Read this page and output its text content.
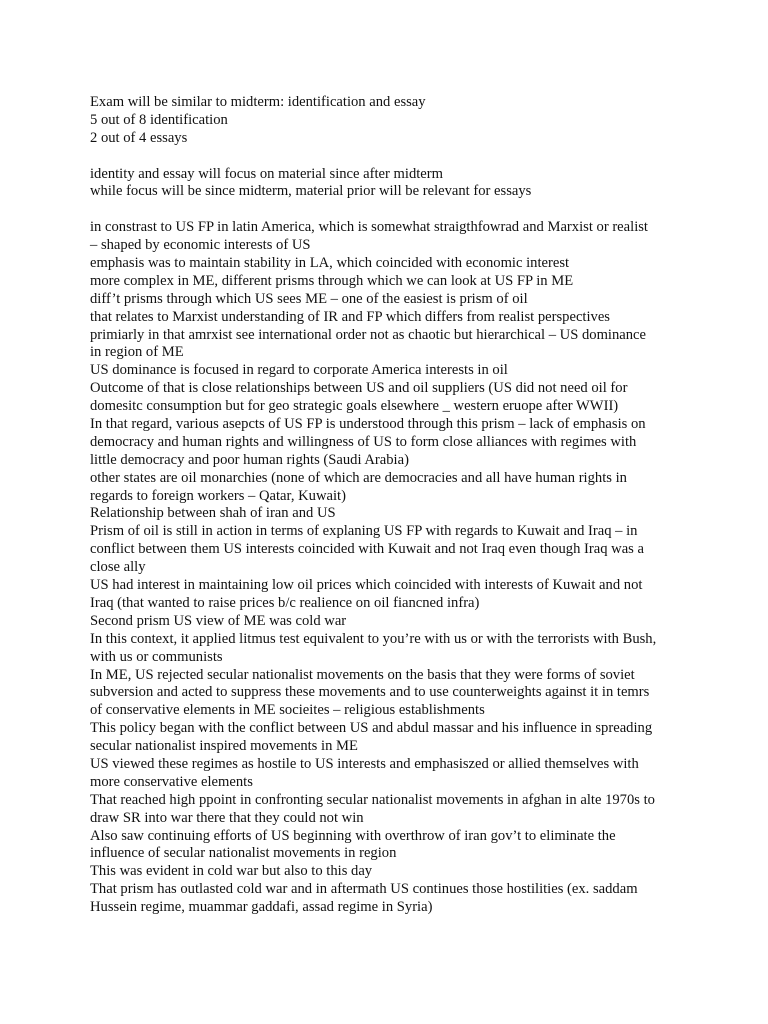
Exam will be similar to midterm: identification and essay
5 out of 8 identification
2 out of 4 essays
identity and essay will focus on material since after midterm
while focus will be since midterm, material prior will be relevant for essays
in constrast to US FP in latin America, which is somewhat straigthfowrad and Marxist or realist
– shaped by economic interests of US
emphasis was to maintain stability in LA, which coincided with economic interest
more complex in ME, different prisms through which we can look at US FP in ME
diff’t prisms through which US sees ME – one of the easiest is prism of oil
that relates to Marxist understanding of IR and FP which differs from realist perspectives
primiarly in that amrxist see international order not as chaotic but hierarchical – US dominance
in region of ME
US dominance is focused in regard to corporate America interests in oil
Outcome of that is close relationships between US and oil suppliers (US did not need oil for
domesitc consumption but for geo strategic goals elsewhere _ western eruope after WWII)
In that regard, various asepcts of US FP is understood through this prism – lack of emphasis on
democracy and human rights and willingness of US to form close alliances with regimes with
little democracy and poor human rights (Saudi Arabia)
other states are oil monarchies (none of which are democracies and all have human rights in
regards to foreign workers – Qatar, Kuwait)
Relationship between shah of iran and US
Prism of oil is still in action in terms of explaning US FP with regards to Kuwait and Iraq – in
conflict between them US interests coincided with Kuwait and not Iraq even though Iraq was a
close ally
US had interest in maintaining low oil prices which coincided with interests of Kuwait and not
Iraq (that wanted to raise prices b/c realience on oil fiancned infra)
Second prism US view of ME was cold war
In this context, it applied litmus test equivalent to you’re with us or with the terrorists with Bush,
with us or communists
In ME, US rejected secular nationalist movements on the basis that they were forms of soviet
subversion and acted to suppress these movements and to use counterweights against it in temrs
of conservative elements in ME socieites – religious establishments
This policy began with the conflict between US and abdul massar and his influence in spreading
secular nationalist inspired movements in ME
US viewed these regimes as hostile to US interests and emphasiszed or allied themselves with
more conservative elements
That reached high ppoint in confronting secular nationalist movements in afghan in alte 1970s to
draw SR into war there that they could not win
Also saw continuing efforts of US beginning with overthrow of iran gov’t to eliminate the
influence of secular nationalist movements in region
This was evident in cold war but also to this day
That prism has outlasted cold war and in aftermath US continues those hostilities (ex. saddam
Hussein regime, muammar gaddafi, assad regime in Syria)
